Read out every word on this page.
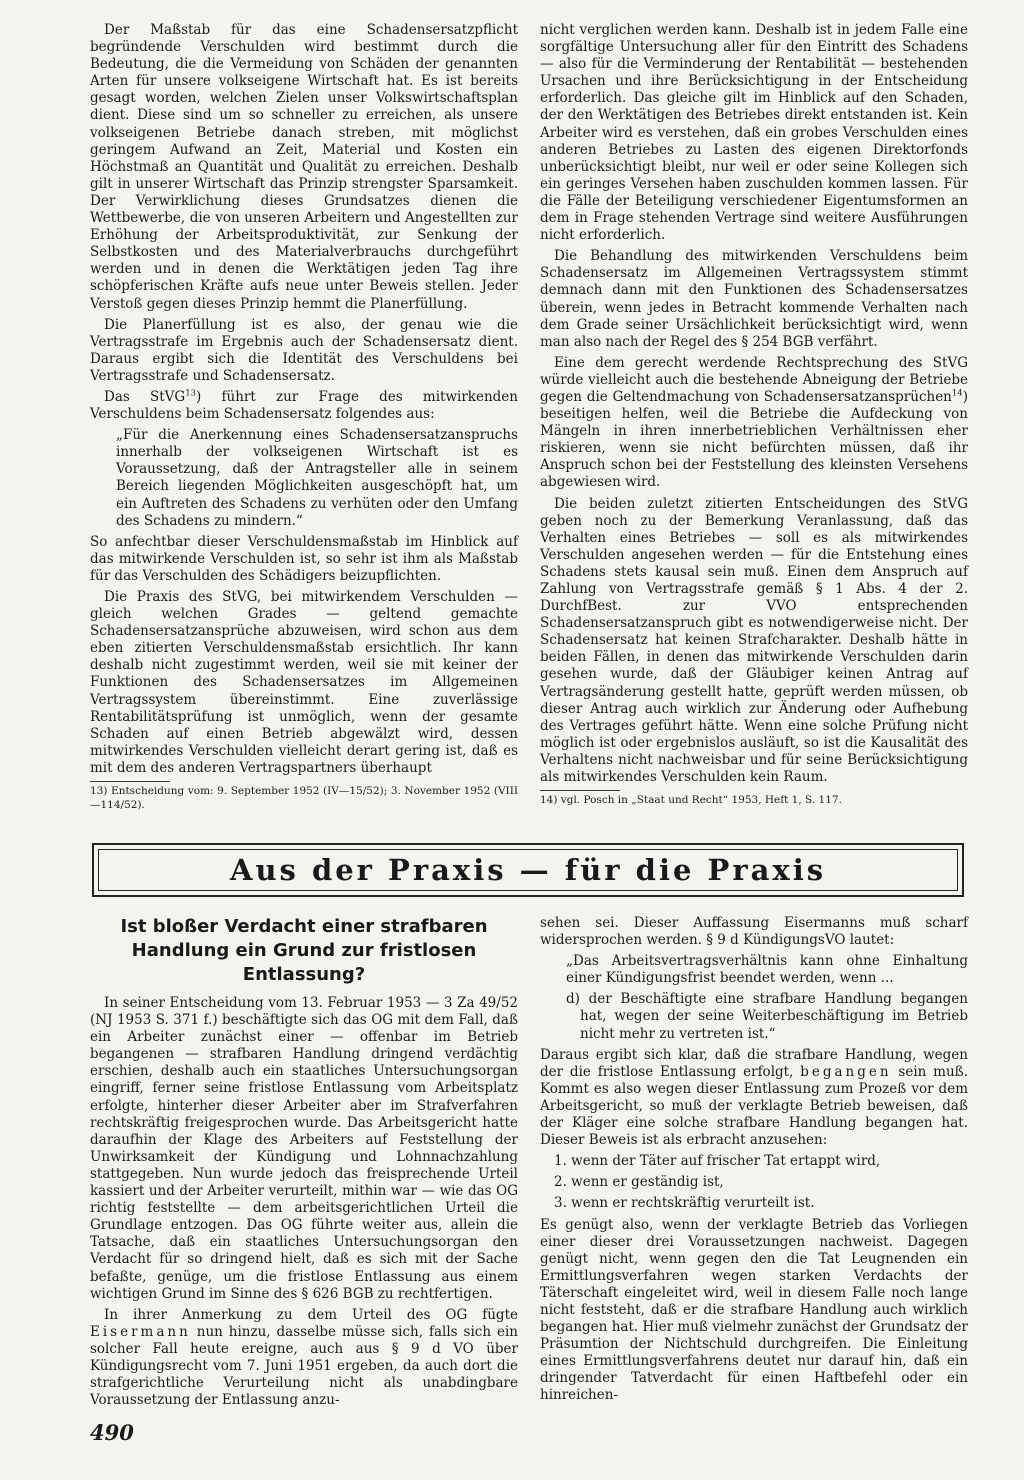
Der Maßstab für das eine Schadensersatzpflicht begründende Verschulden wird bestimmt durch die Bedeutung, die die Vermeidung von Schäden der genannten Arten für unsere volkseigene Wirtschaft hat. Es ist bereits gesagt worden, welchen Zielen unser Volkswirtschaftsplan dient. Diese sind um so schneller zu erreichen, als unsere volkseigenen Betriebe danach streben, mit möglichst geringem Aufwand an Zeit, Material und Kosten ein Höchstmaß an Quantität und Qualität zu erreichen. Deshalb gilt in unserer Wirtschaft das Prinzip strengster Sparsamkeit. Der Verwirklichung dieses Grundsatzes dienen die Wettbewerbe, die von unseren Arbeitern und Angestellten zur Erhöhung der Arbeitsproduktivität, zur Senkung der Selbstkosten und des Materialverbrauchs durchgeführt werden und in denen die Werktätigen jeden Tag ihre schöpferischen Kräfte aufs neue unter Beweis stellen. Jeder Verstoß gegen dieses Prinzip hemmt die Planerfüllung.

Die Planerfüllung ist es also, der genau wie die Vertragsstrafe im Ergebnis auch der Schadensersatz dient. Daraus ergibt sich die Identität des Verschuldens bei Vertragsstrafe und Schadensersatz.

Das StVG$^{13}$) führt zur Frage des mitwirkenden Verschuldens beim Schadensersatz folgendes aus:

„Für die Anerkennung eines Schadensersatzanspruchs innerhalb der volkseigenen Wirtschaft ist es Voraussetzung, daß der Antragsteller alle in seinem Bereich liegenden Möglichkeiten ausgeschöpft hat, um ein Auftreten des Schadens zu verhüten oder den Umfang des Schadens zu mindern.“

So anfechtbar dieser Verschuldensmaßstab im Hinblick auf das mitwirkende Verschulden ist, so sehr ist ihm als Maßstab für das Verschulden des Schädigers beizupflichten.

Die Praxis des StVG, bei mitwirkendem Verschulden — gleich welchen Grades — geltend gemachte Schadensersatzansprüche abzuweisen, wird schon aus dem eben zitierten Verschuldensmaßstab ersichtlich. Ihr kann deshalb nicht zugestimmt werden, weil sie mit keiner der Funktionen des Schadensersatzes im Allgemeinen Vertragssystem übereinstimmt. Eine zuverlässige Rentabilitätsprüfung ist unmöglich, wenn der gesamte Schaden auf einen Betrieb abgewälzt wird, dessen mitwirkendes Verschulden vielleicht derart gering ist, daß es mit dem des anderen Vertragspartners überhaupt

13) Entscheidung vom: 9. September 1952 (IV—15/52); 3. November 1952 (VIII—114/52).

nicht verglichen werden kann. Deshalb ist in jedem Falle eine sorgfältige Untersuchung aller für den Eintritt des Schadens — also für die Verminderung der Rentabilität — bestehenden Ursachen und ihre Berücksichtigung in der Entscheidung erforderlich. Das gleiche gilt im Hinblick auf den Schaden, der den Werktätigen des Betriebes direkt entstanden ist. Kein Arbeiter wird es verstehen, daß ein grobes Verschulden eines anderen Betriebes zu Lasten des eigenen Direktorfonds unberücksichtigt bleibt, nur weil er oder seine Kollegen sich ein geringes Versehen haben zuschulden kommen lassen. Für die Fälle der Beteiligung verschiedener Eigentumsformen an dem in Frage stehenden Vertrage sind weitere Ausführungen nicht erforderlich.

Die Behandlung des mitwirkenden Verschuldens beim Schadensersatz im Allgemeinen Vertragssystem stimmt demnach dann mit den Funktionen des Schadensersatzes überein, wenn jedes in Betracht kommende Verhalten nach dem Grade seiner Ursächlichkeit berücksichtigt wird, wenn man also nach der Regel des § 254 BGB verfährt.

Eine dem gerecht werdende Rechtsprechung des StVG würde vielleicht auch die bestehende Abneigung der Betriebe gegen die Geltendmachung von Schadensersatzansprüchen$^{14}$) beseitigen helfen, weil die Betriebe die Aufdeckung von Mängeln in ihren innerbetrieblichen Verhältnissen eher riskieren, wenn sie nicht befürchten müssen, daß ihr Anspruch schon bei der Feststellung des kleinsten Versehens abgewiesen wird.

Die beiden zuletzt zitierten Entscheidungen des StVG geben noch zu der Bemerkung Veranlassung, daß das Verhalten eines Betriebes — soll es als mitwirkendes Verschulden angesehen werden — für die Entstehung eines Schadens stets kausal sein muß. Einen dem Anspruch auf Zahlung von Vertragsstrafe gemäß § 1 Abs. 4 der 2. DurchfBest. zur VVO entsprechenden Schadensersatzanspruch gibt es notwendigerweise nicht. Der Schadensersatz hat keinen Strafcharakter. Deshalb hätte in beiden Fällen, in denen das mitwirkende Verschulden darin gesehen wurde, daß der Gläubiger keinen Antrag auf Vertragsänderung gestellt hatte, geprüft werden müssen, ob dieser Antrag auch wirklich zur Änderung oder Aufhebung des Vertrages geführt hätte. Wenn eine solche Prüfung nicht möglich ist oder ergebnislos ausläuft, so ist die Kausalität des Verhaltens nicht nachweisbar und für seine Berücksichtigung als mitwirkendes Verschulden kein Raum.

14) vgl. Posch in „Staat und Recht“ 1953, Heft 1, S. 117.

Aus der Praxis — für die Praxis
Ist bloßer Verdacht einer strafbaren Handlung ein Grund zur fristlosen Entlassung?

In seiner Entscheidung vom 13. Februar 1953 — 3 Za 49/52 (NJ 1953 S. 371 f.) beschäftigte sich das OG mit dem Fall, daß ein Arbeiter zunächst einer — offenbar im Betrieb begangenen — strafbaren Handlung dringend verdächtig erschien, deshalb auch ein staatliches Untersuchungsorgan eingriff, ferner seine fristlose Entlassung vom Arbeitsplatz erfolgte, hinterher dieser Arbeiter aber im Strafverfahren rechtskräftig freigesprochen wurde. Das Arbeitsgericht hatte daraufhin der Klage des Arbeiters auf Feststellung der Unwirksamkeit der Kündigung und Lohnnachzahlung stattgegeben. Nun wurde jedoch das freisprechende Urteil kassiert und der Arbeiter verurteilt, mithin war — wie das OG richtig feststellte — dem arbeitsgerichtlichen Urteil die Grundlage entzogen. Das OG führte weiter aus, allein die Tatsache, daß ein staatliches Untersuchungsorgan den Verdacht für so dringend hielt, daß es sich mit der Sache befaßte, genüge, um die fristlose Entlassung aus einem wichtigen Grund im Sinne des § 626 BGB zu rechtfertigen.

In ihrer Anmerkung zu dem Urteil des OG fügte Eisermann nun hinzu, dasselbe müsse sich, falls sich ein solcher Fall heute ereigne, auch aus § 9 d VO über Kündigungsrecht vom 7. Juni 1951 ergeben, da auch dort die strafgerichtliche Verurteilung nicht als unabdingbare Voraussetzung der Entlassung anzu-

sehen sei. Dieser Auffassung Eisermanns muß scharf widersprochen werden. § 9 d KündigungsVO lautet:

„Das Arbeitsvertragsverhältnis kann ohne Einhaltung einer Kündigungsfrist beendet werden, wenn ...

d) der Beschäftigte eine strafbare Handlung begangen hat, wegen der seine Weiterbeschäftigung im Betrieb nicht mehr zu vertreten ist.“

Daraus ergibt sich klar, daß die strafbare Handlung, wegen der die fristlose Entlassung erfolgt, begangen sein muß. Kommt es also wegen dieser Entlassung zum Prozeß vor dem Arbeitsgericht, so muß der verklagte Betrieb beweisen, daß der Kläger eine solche strafbare Handlung begangen hat. Dieser Beweis ist als erbracht anzusehen:

1. wenn der Täter auf frischer Tat ertappt wird,
2. wenn er geständig ist,
3. wenn er rechtskräftig verurteilt ist.

Es genügt also, wenn der verklagte Betrieb das Vorliegen einer dieser drei Voraussetzungen nachweist. Dagegen genügt nicht, wenn gegen den die Tat Leugnenden ein Ermittlungsverfahren wegen starken Verdachts der Täterschaft eingeleitet wird, weil in diesem Falle noch lange nicht feststeht, daß er die strafbare Handlung auch wirklich begangen hat. Hier muß vielmehr zunächst der Grundsatz der Präsumtion der Nichtschuld durchgreifen. Die Einleitung eines Ermittlungsverfahrens deutet nur darauf hin, daß ein dringender Tatverdacht für einen Haftbefehl oder ein hinreichen-

490
